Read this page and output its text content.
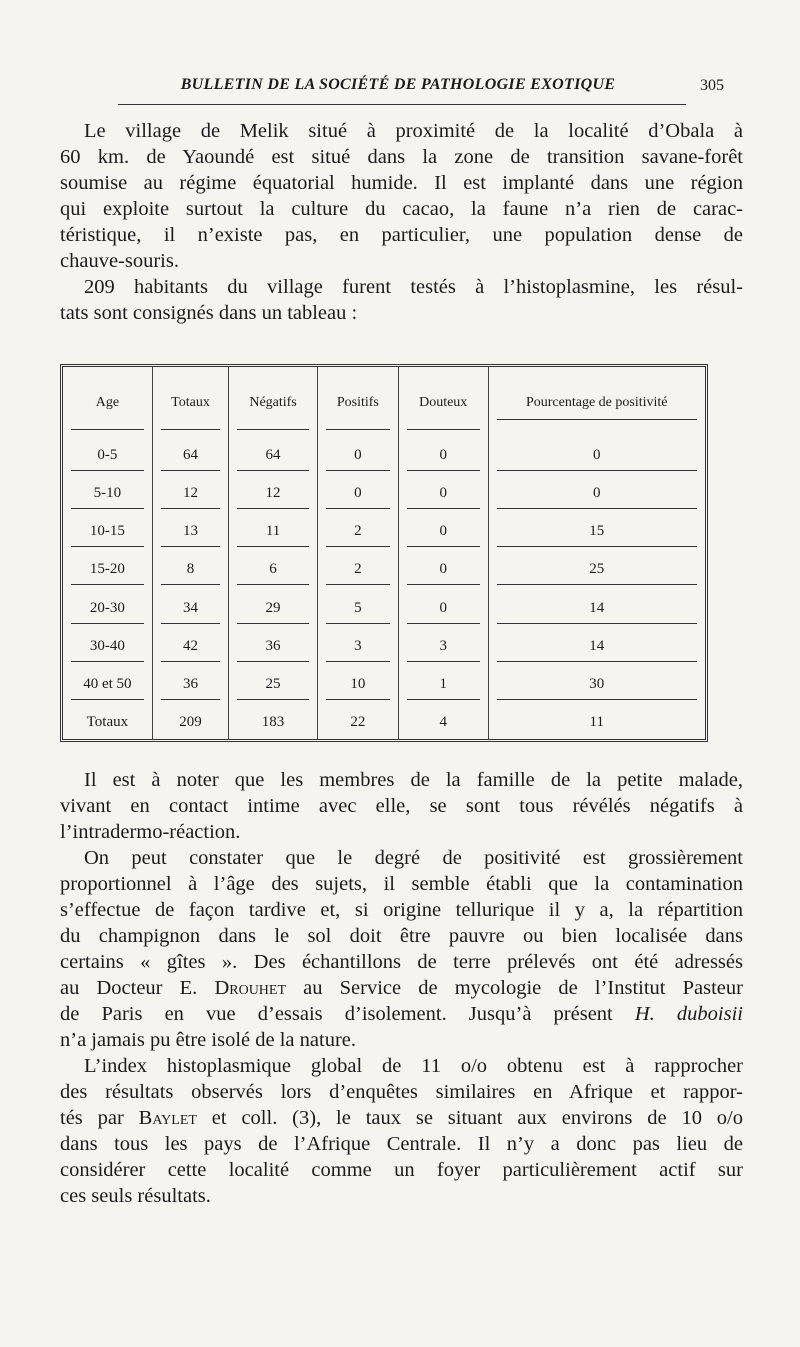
BULLETIN DE LA SOCIÉTÉ DE PATHOLOGIE EXOTIQUE	305
Le village de Melik situé à proximité de la localité d’Obala à
60 km. de Yaoundé est situé dans la zone de transition savane-forêt
soumise au régime équatorial humide. Il est implanté dans une région
qui exploite surtout la culture du cacao, la faune n’a rien de carac-
téristique, il n’existe pas, en particulier, une population dense de
chauve-souris.
209 habitants du village furent testés à l’histoplasmine, les résul-
tats sont consignés dans un tableau :
Age	Totaux	Négatifs	Positifs	Douteux	Pourcentage de positivité

0-5	64	64	0	0	0

5-10	12	12	0	0	0

10-15	13	11	2	0	15

15-20	8	6	2	0	25

20-30	34	29	5	0	14

30-40	42	36	3	3	14

40 et 50	36	25	10	1	30

Totaux	209	183	22	4	11
Il est à noter que les membres de la famille de la petite malade,
vivant en contact intime avec elle, se sont tous révélés négatifs à
l’intradermo-réaction.
On peut constater que le degré de positivité est grossièrement
proportionnel à l’âge des sujets, il semble établi que la contamination
s’effectue de façon tardive et, si origine tellurique il y a, la répartition
du champignon dans le sol doit être pauvre ou bien localisée dans
certains « gîtes ». Des échantillons de terre prélevés ont été adressés
au Docteur E. Drouhet au Service de mycologie de l’Institut Pasteur
de Paris en vue d’essais d’isolement. Jusqu’à présent H. duboisii
n’a jamais pu être isolé de la nature.
L’index histoplasmique global de 11 o/o obtenu est à rapprocher
des résultats observés lors d’enquêtes similaires en Afrique et rappor-
tés par Baylet et coll. (3), le taux se situant aux environs de 10 o/o
dans tous les pays de l’Afrique Centrale. Il n’y a donc pas lieu de
considérer cette localité comme un foyer particulièrement actif sur
ces seuls résultats.
